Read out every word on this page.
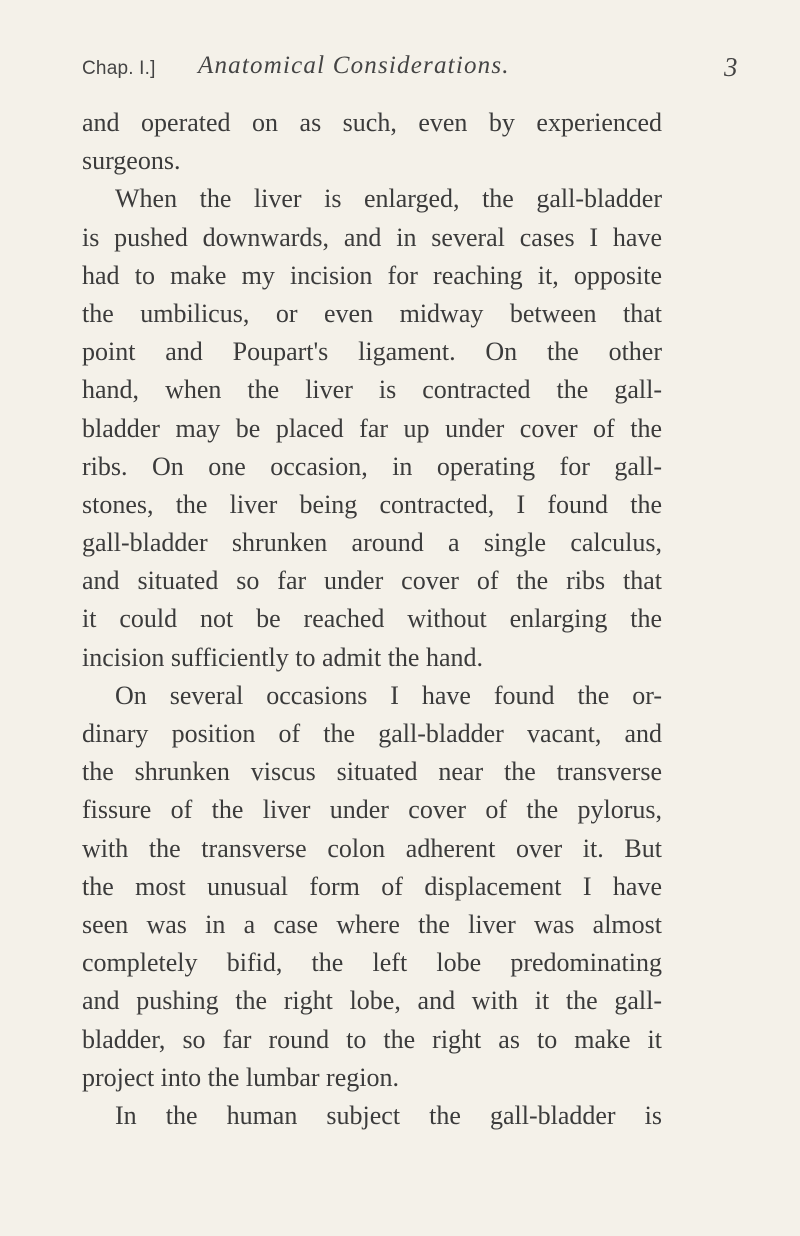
Chap. I.] Anatomical Considerations.	3
and operated on as such, even by experienced
surgeons.
When the liver is enlarged, the gall-bladder
is pushed downwards, and in several cases I have
had to make my incision for reaching it, opposite
the umbilicus, or even midway between that
point and Poupart's ligament. On the other
hand, when the liver is contracted the gall-
bladder may be placed far up under cover of the
ribs. On one occasion, in operating for gall-
stones, the liver being contracted, I found the
gall-bladder shrunken around a single calculus,
and situated so far under cover of the ribs that
it could not be reached without enlarging the
incision sufficiently to admit the hand.
On several occasions I have found the or-
dinary position of the gall-bladder vacant, and
the shrunken viscus situated near the transverse
fissure of the liver under cover of the pylorus,
with the transverse colon adherent over it. But
the most unusual form of displacement I have
seen was in a case where the liver was almost
completely bifid, the left lobe predominating
and pushing the right lobe, and with it the gall-
bladder, so far round to the right as to make it
project into the lumbar region.
In the human subject the gall-bladder is
